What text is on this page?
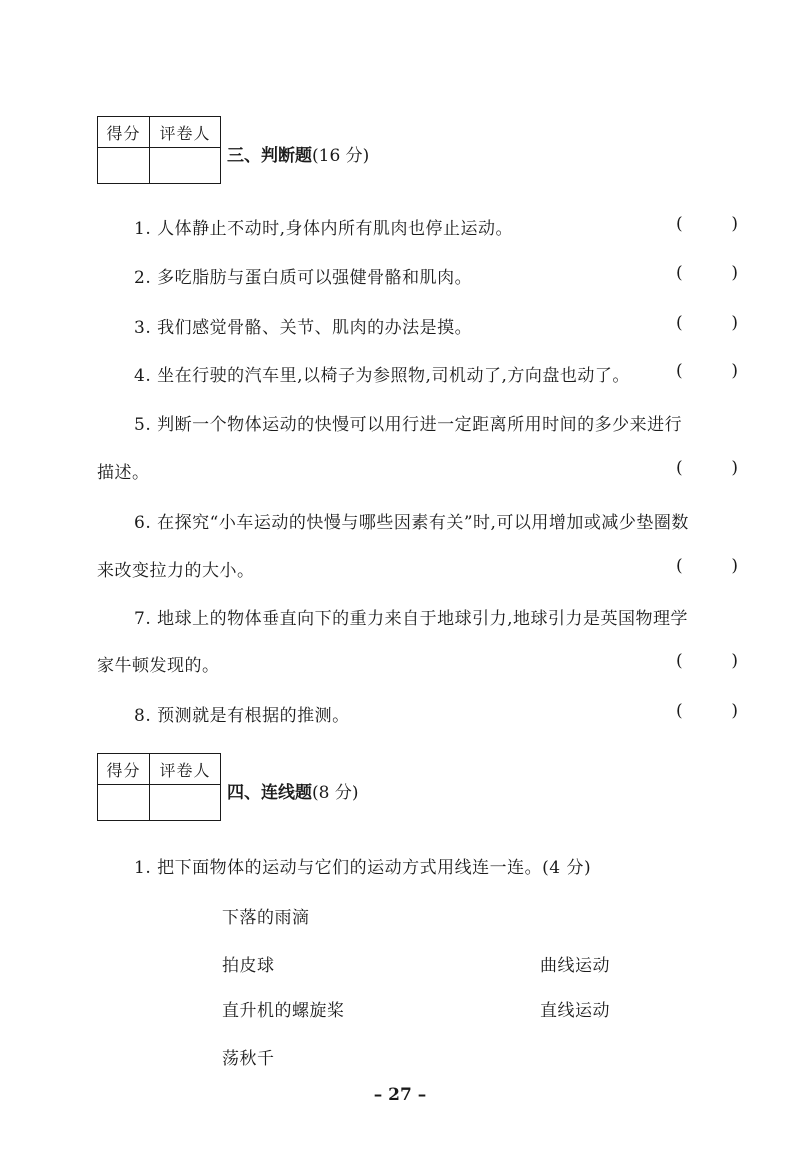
得分	评卷人
三、判断题(16 分)
1. 人体静止不动时,身体内所有肌肉也停止运动。	(	)
2. 多吃脂肪与蛋白质可以强健骨骼和肌肉。	(	)
3. 我们感觉骨骼、关节、肌肉的办法是摸。	(	)
4. 坐在行驶的汽车里,以椅子为参照物,司机动了,方向盘也动了。	(	)
5. 判断一个物体运动的快慢可以用行进一定距离所用时间的多少来进行
描述。	(	)
6. 在探究“小车运动的快慢与哪些因素有关”时,可以用增加或减少垫圈数
来改变拉力的大小。	(	)
7. 地球上的物体垂直向下的重力来自于地球引力,地球引力是英国物理学
家牛顿发现的。	(	)
8. 预测就是有根据的推测。	(	)
得分	评卷人
四、连线题(8 分)
1. 把下面物体的运动与它们的运动方式用线连一连。(4 分)
下落的雨滴
拍皮球
直升机的螺旋桨
荡秋千
曲线运动
直线运动
– 27 –
